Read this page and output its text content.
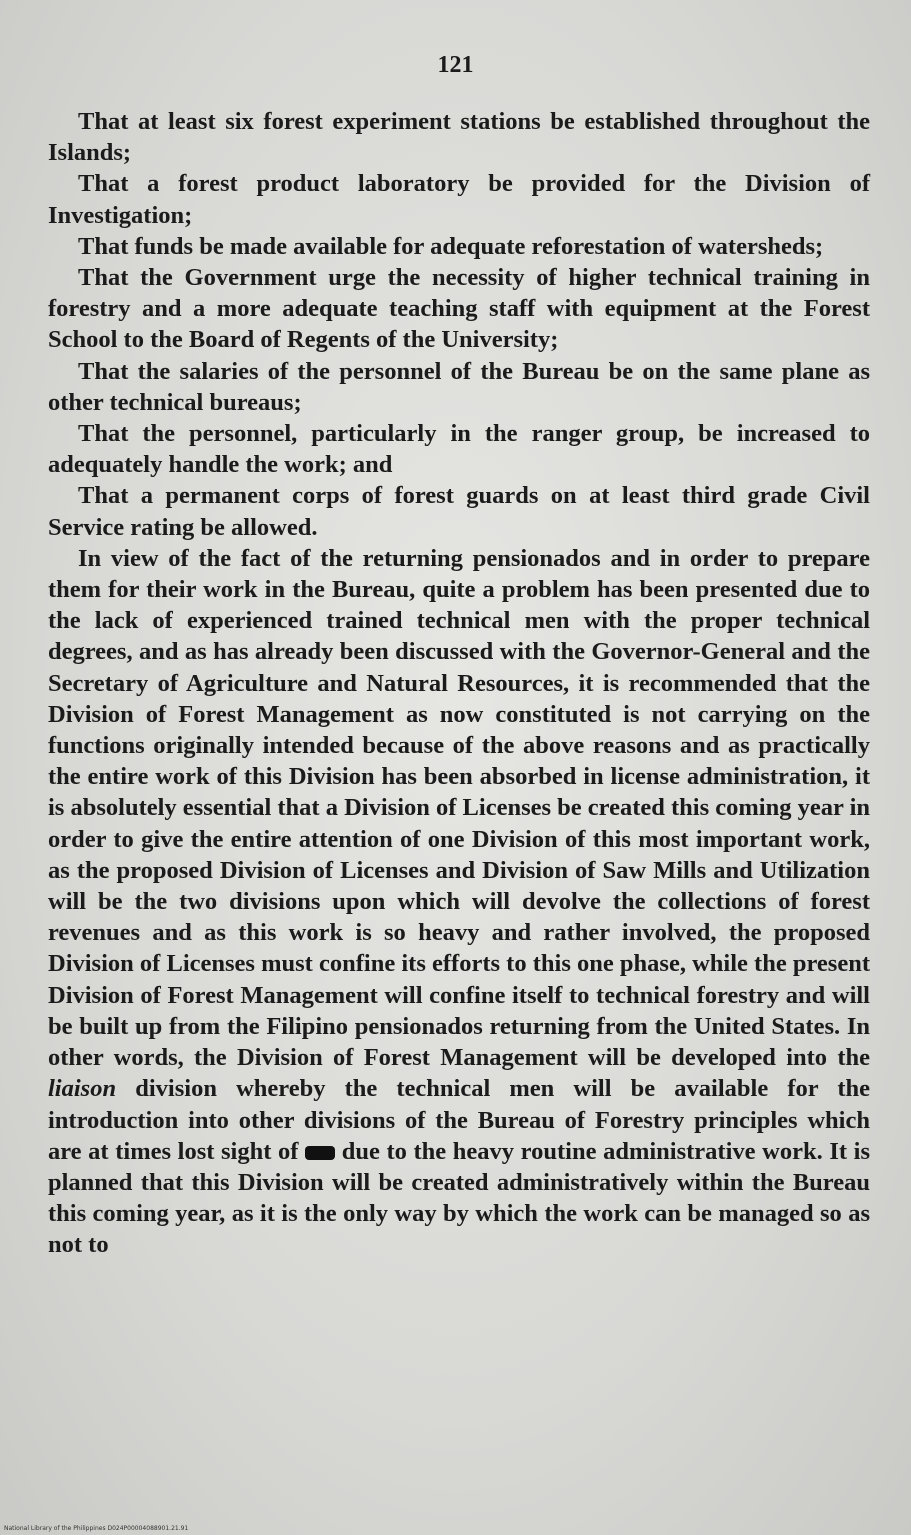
121

That at least six forest experiment stations be established throughout the Islands;

That a forest product laboratory be provided for the Division of Investigation;

That funds be made available for adequate reforestation of watersheds;

That the Government urge the necessity of higher technical training in forestry and a more adequate teaching staff with equipment at the Forest School to the Board of Regents of the University;

That the salaries of the personnel of the Bureau be on the same plane as other technical bureaus;

That the personnel, particularly in the ranger group, be increased to adequately handle the work; and

That a permanent corps of forest guards on at least third grade Civil Service rating be allowed.

In view of the fact of the returning pensionados and in order to prepare them for their work in the Bureau, quite a problem has been presented due to the lack of experienced trained technical men with the proper technical degrees, and as has already been discussed with the Governor-General and the Secretary of Agriculture and Natural Resources, it is recommended that the Division of Forest Management as now constituted is not carrying on the functions originally intended because of the above reasons and as practically the entire work of this Division has been absorbed in license administration, it is absolutely essential that a Division of Licenses be created this coming year in order to give the entire attention of one Division of this most important work, as the proposed Division of Licenses and Division of Saw Mills and Utilization will be the two divisions upon which will devolve the collections of forest revenues and as this work is so heavy and rather involved, the proposed Division of Licenses must confine its efforts to this one phase, while the present Division of Forest Management will confine itself to technical forestry and will be built up from the Filipino pensionados returning from the United States. In other words, the Division of Forest Management will be developed into the liaison division whereby the technical men will be available for the introduction into other divisions of the Bureau of Forestry principles which are at times lost sight of due to the heavy routine administrative work. It is planned that this Division will be created administratively within the Bureau this coming year, as it is the only way by which the work can be managed so as not to

National Library of the Philippines D024P00004088901.21.91
